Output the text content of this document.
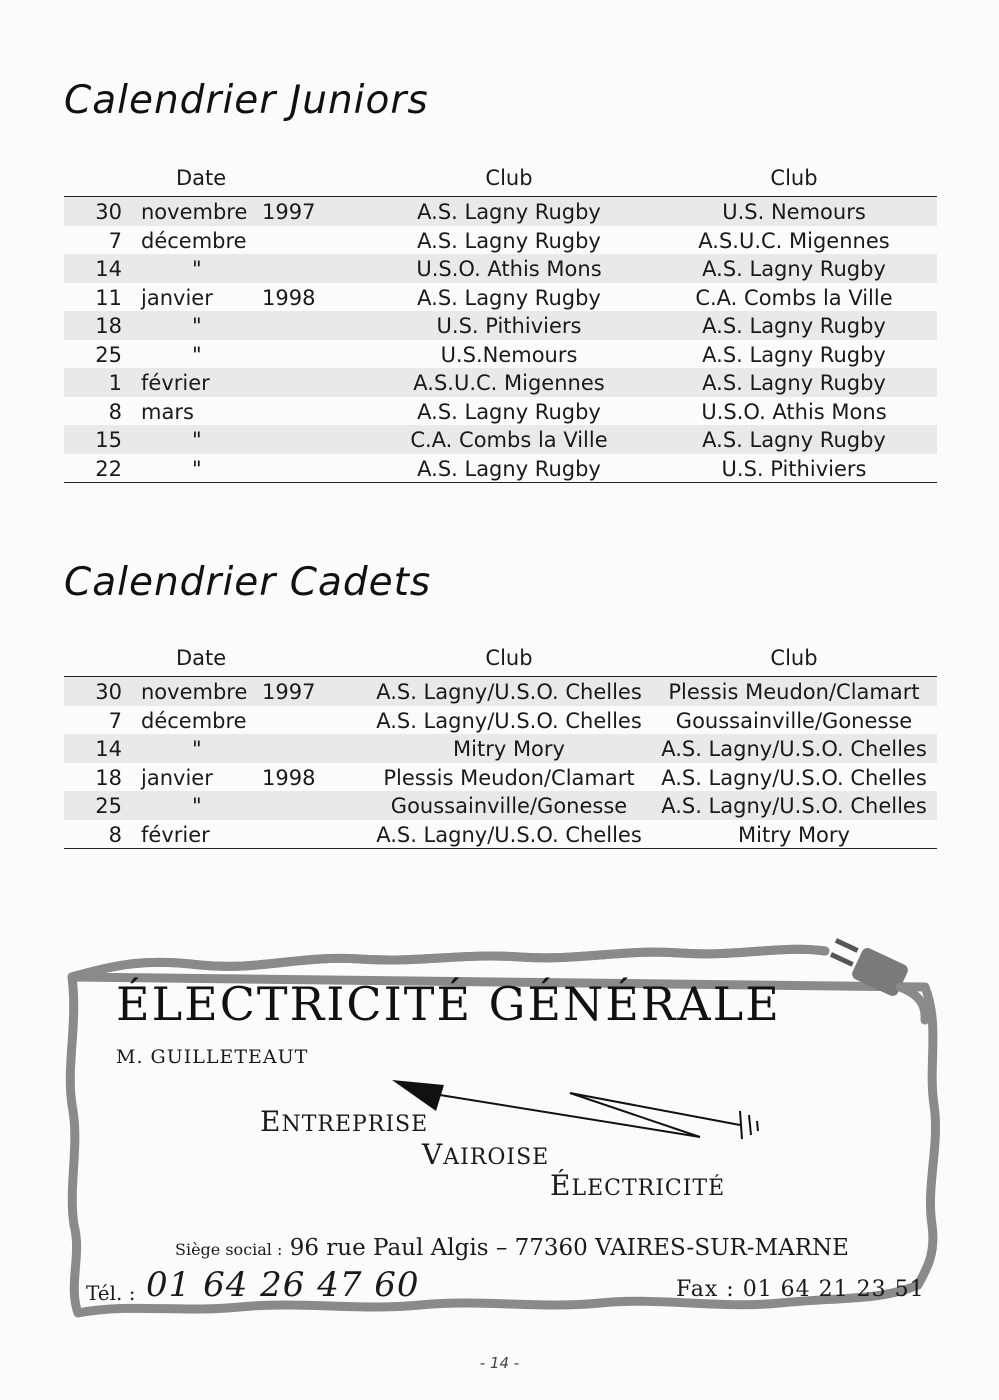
Calendrier Juniors
Date	Club	Club
30 novembre 1997	A.S. Lagny Rugby	U.S. Nemours
7 décembre	A.S. Lagny Rugby	A.S.U.C. Migennes
14	"	U.S.O. Athis Mons	A.S. Lagny Rugby
11 janvier 1998	A.S. Lagny Rugby	C.A. Combs la Ville
18	"	U.S. Pithiviers	A.S. Lagny Rugby
25	"	U.S.Nemours	A.S. Lagny Rugby
1 février	A.S.U.C. Migennes	A.S. Lagny Rugby
8 mars	A.S. Lagny Rugby	U.S.O. Athis Mons
15	"	C.A. Combs la Ville	A.S. Lagny Rugby
22	"	A.S. Lagny Rugby	U.S. Pithiviers
Calendrier Cadets
Date	Club	Club
30 novembre 1997	A.S. Lagny/U.S.O. Chelles	Plessis Meudon/Clamart
7 décembre	A.S. Lagny/U.S.O. Chelles	Goussainville/Gonesse
14	"	Mitry Mory	A.S. Lagny/U.S.O. Chelles
18 janvier 1998	Plessis Meudon/Clamart	A.S. Lagny/U.S.O. Chelles
25	"	Goussainville/Gonesse	A.S. Lagny/U.S.O. Chelles
8 février	A.S. Lagny/U.S.O. Chelles	Mitry Mory
ÉLECTRICITÉ GÉNÉRALE
M. GUILLETEAUT
ENTREPRISE
VAIROISE
ÉLECTRICITÉ
Siège social : 96 rue Paul Algis – 77360 VAIRES-SUR-MARNE
Tél. : 01 64 26 47 60	Fax : 01 64 21 23 51
- 14 -
